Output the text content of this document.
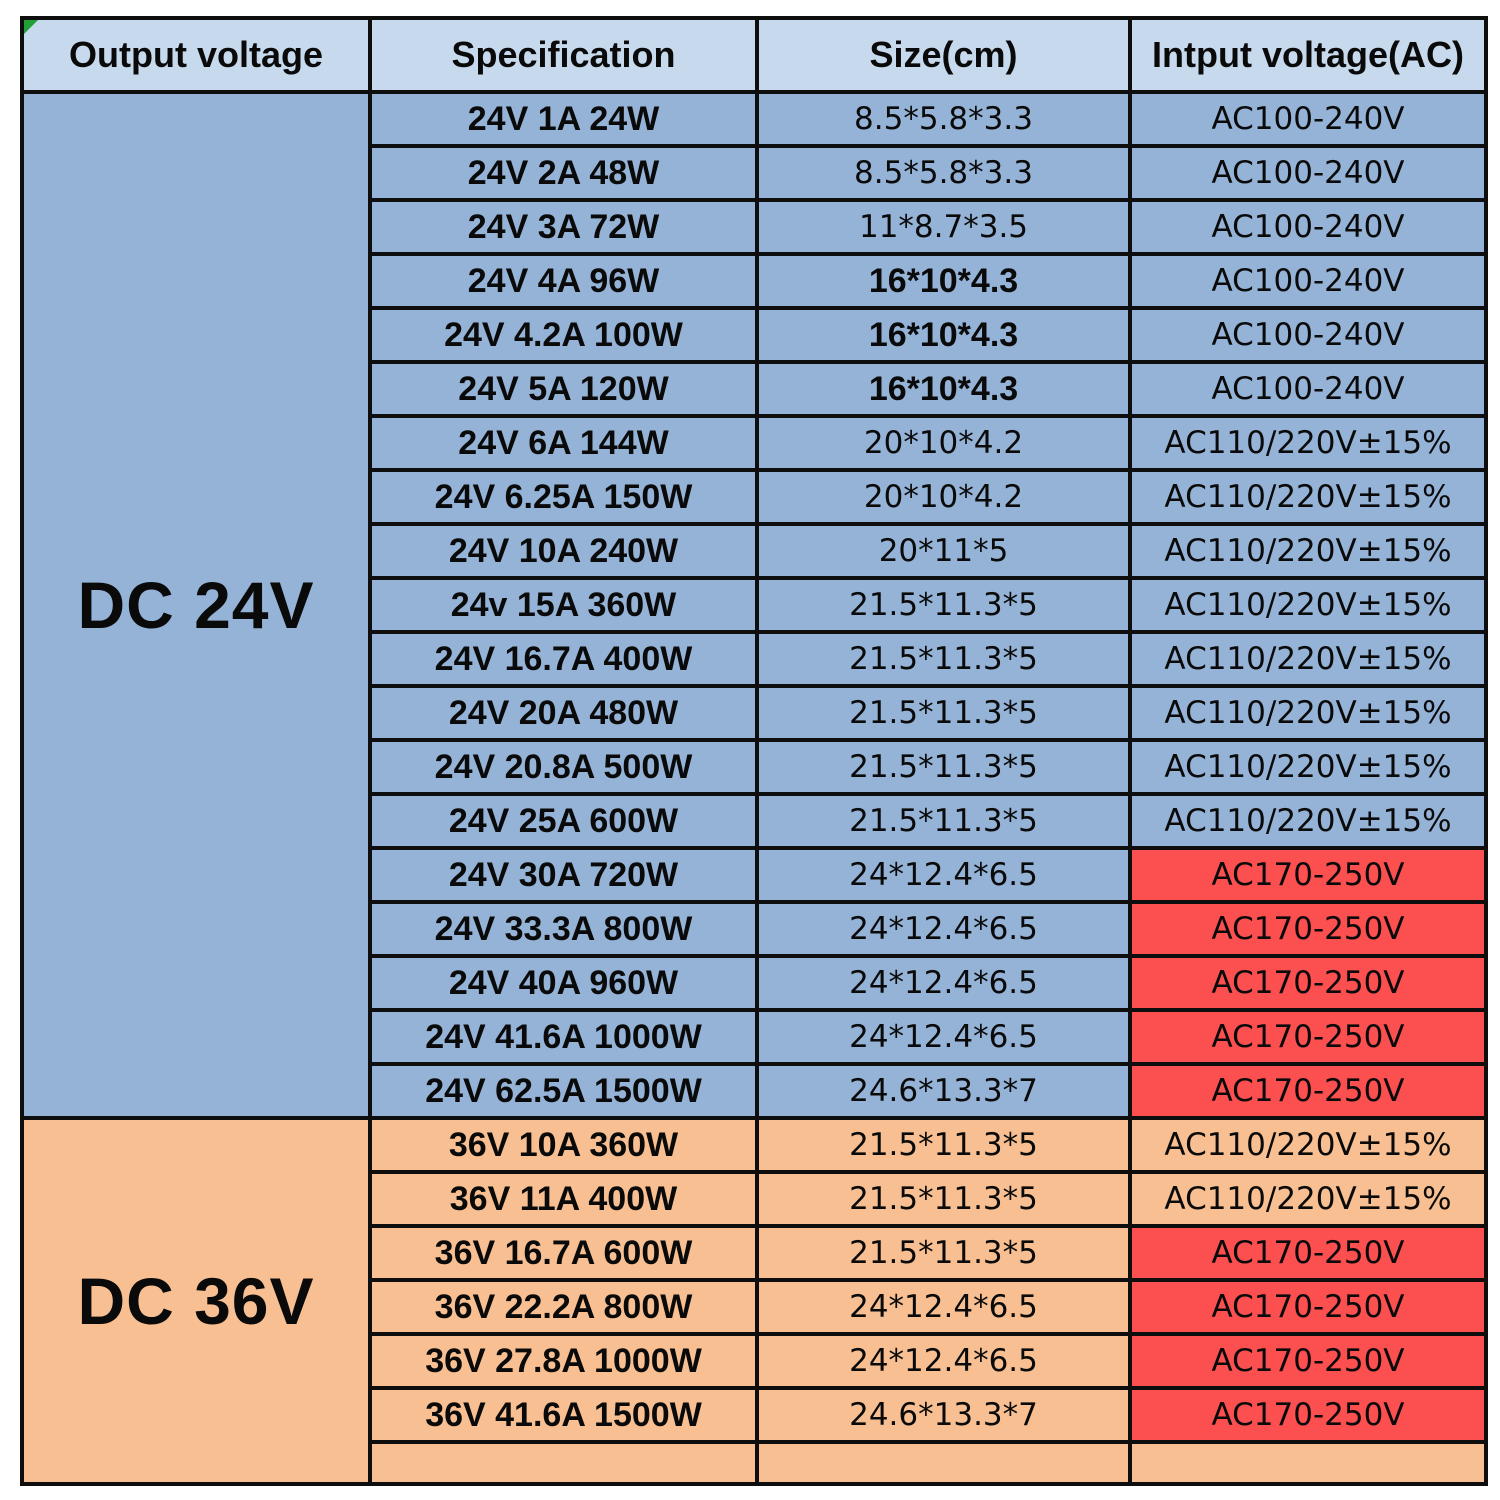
Output voltage	Specification	Size(cm)	Intput voltage(AC)
DC 24V	24V 1A 24W	8.5*5.8*3.3	AC100-240V
	24V 2A 48W	8.5*5.8*3.3	AC100-240V
	24V 3A 72W	11*8.7*3.5	AC100-240V
	24V 4A 96W	16*10*4.3	AC100-240V
	24V 4.2A 100W	16*10*4.3	AC100-240V
	24V 5A 120W	16*10*4.3	AC100-240V
	24V 6A 144W	20*10*4.2	AC110/220V±15%
	24V 6.25A 150W	20*10*4.2	AC110/220V±15%
	24V 10A 240W	20*11*5	AC110/220V±15%
	24v 15A 360W	21.5*11.3*5	AC110/220V±15%
	24V 16.7A 400W	21.5*11.3*5	AC110/220V±15%
	24V 20A 480W	21.5*11.3*5	AC110/220V±15%
	24V 20.8A 500W	21.5*11.3*5	AC110/220V±15%
	24V 25A 600W	21.5*11.3*5	AC110/220V±15%
	24V 30A 720W	24*12.4*6.5	AC170-250V
	24V 33.3A 800W	24*12.4*6.5	AC170-250V
	24V 40A 960W	24*12.4*6.5	AC170-250V
	24V 41.6A 1000W	24*12.4*6.5	AC170-250V
	24V 62.5A 1500W	24.6*13.3*7	AC170-250V
DC 36V	36V 10A 360W	21.5*11.3*5	AC110/220V±15%
	36V 11A 400W	21.5*11.3*5	AC110/220V±15%
	36V 16.7A 600W	21.5*11.3*5	AC170-250V
	36V 22.2A 800W	24*12.4*6.5	AC170-250V
	36V 27.8A 1000W	24*12.4*6.5	AC170-250V
	36V 41.6A 1500W	24.6*13.3*7	AC170-250V
